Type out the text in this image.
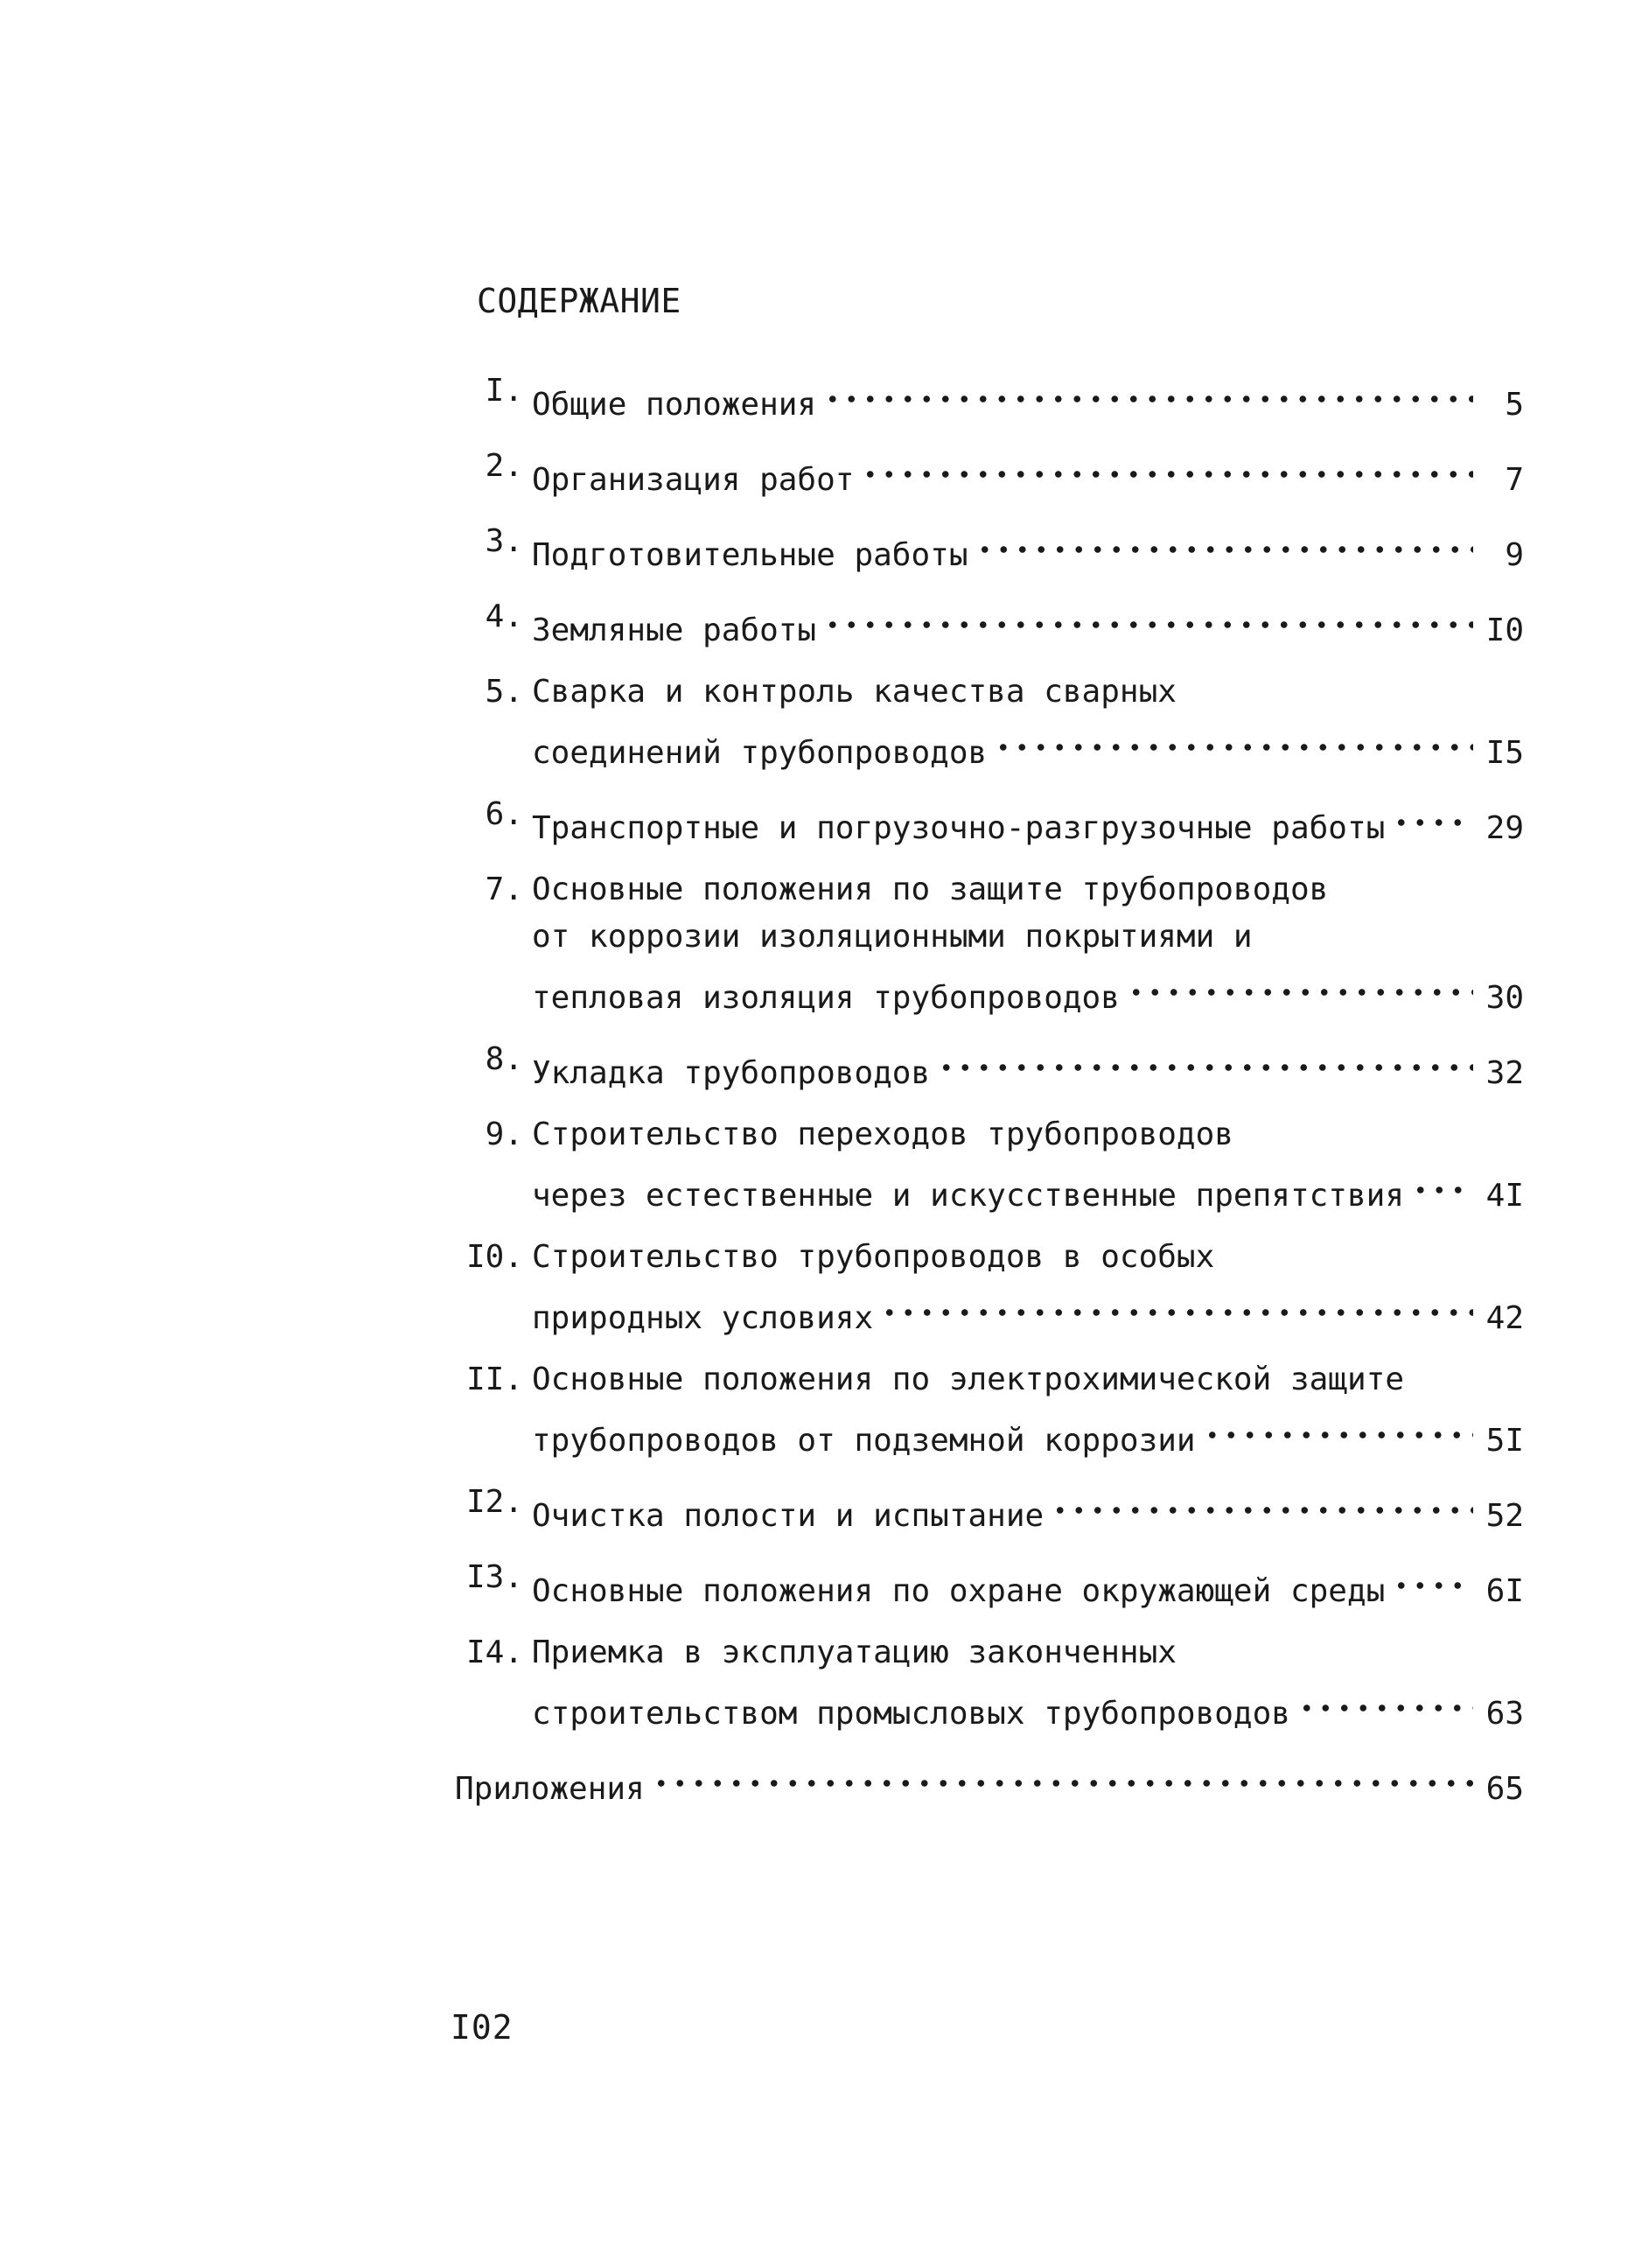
СОДЕРЖАНИЕ
I. Общие положения	5
2. Организация работ	7
3. Подготовительные работы	9
4. Земляные работы	I0
5. Сварка и контроль качества сварных
соединений трубопроводов	I5
6. Транспортные и погрузочно-разгрузочные работы	29
7. Основные положения по защите трубопроводов
от коррозии изоляционными покрытиями и
тепловая изоляция трубопроводов	30
8. Укладка трубопроводов	32
9. Строительство переходов трубопроводов
через естественные и искусственные препятствия	4I
I0. Строительство трубопроводов в особых
природных условиях	42
II. Основные положения по электрохимической защите
трубопроводов от подземной коррозии	5I
I2. Очистка полости и испытание	52
I3. Основные положения по охране окружающей среды	6I
I4. Приемка в эксплуатацию законченных
строительством промысловых трубопроводов	63
Приложения	65
I02
